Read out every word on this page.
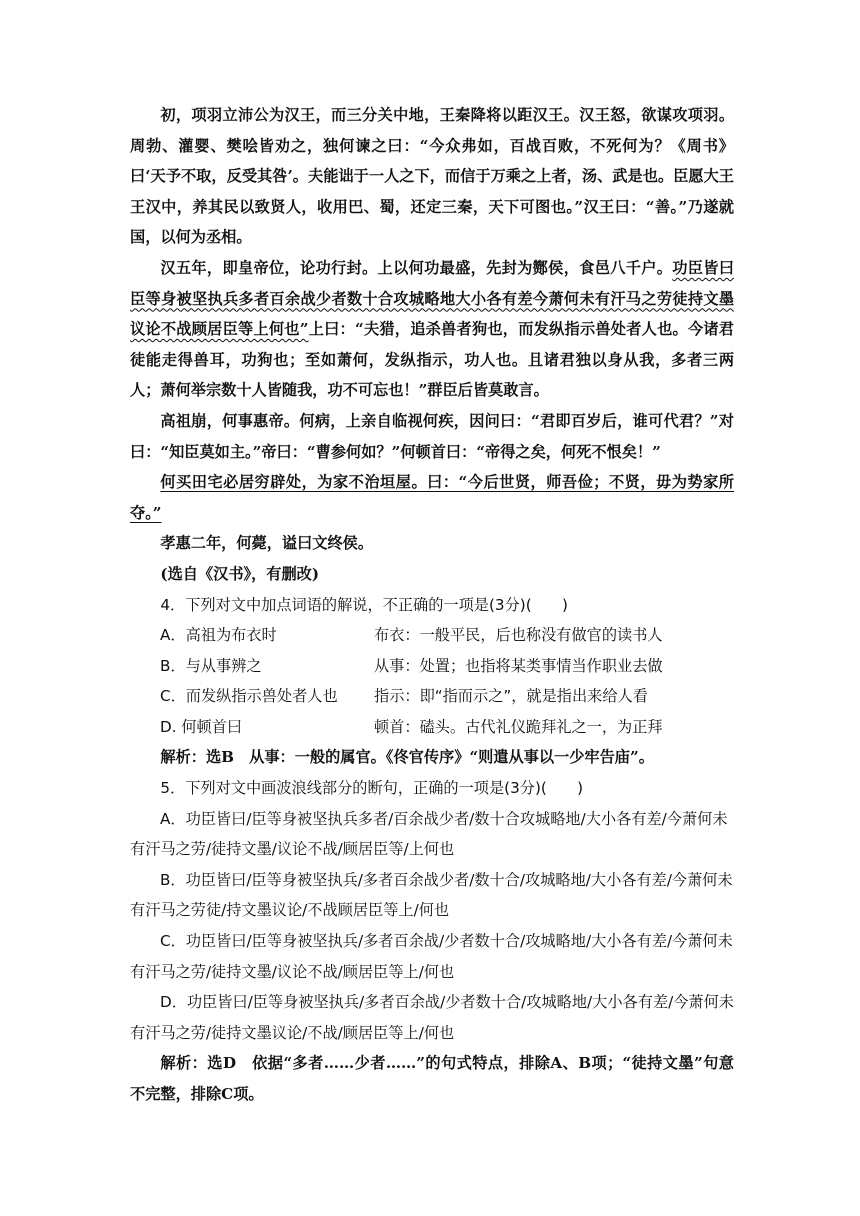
初，项羽立沛公为汉王，而三分关中地，王秦降将以距汉王。汉王怒，欲谋攻项羽。周勃、灌婴、樊哙皆劝之，独何谏之曰：“今众弗如，百战百败，不死何为？《周书》曰‘天予不取，反受其咎’。夫能诎于一人之下，而信于万乘之上者，汤、武是也。臣愿大王王汉中，养其民以致贤人，收用巴、蜀，还定三秦，天下可图也。”汉王曰：“善。”乃遂就国，以何为丞相。

汉五年，即皇帝位，论功行封。上以何功最盛，先封为酂侯，食邑八千户。功臣皆曰臣等身被坚执兵多者百余战少者数十合攻城略地大小各有差今萧何未有汗马之劳徒持文墨议论不战顾居臣等上何也”上曰：“夫猎，追杀兽者狗也，而发纵指示兽处者人也。今诸君徒能走得兽耳，功狗也；至如萧何，发纵指示，功人也。且诸君独以身从我，多者三两人；萧何举宗数十人皆随我，功不可忘也！”群臣后皆莫敢言。

高祖崩，何事惠帝。何病，上亲自临视何疾，因问曰：“君即百岁后，谁可代君？”对曰：“知臣莫如主。”帝曰：“曹参何如？”何顿首曰：“帝得之矣，何死不恨矣！”

何买田宅必居穷辟处，为家不治垣屋。曰：“今后世贤，师吾俭；不贤，毋为势家所夺。”

孝惠二年，何薨，谥曰文终侯。

(选自《汉书》，有删改)

4．下列对文中加点词语的解说，不正确的一项是(3分)(　　)

A．高祖为布衣时	布衣：一般平民，后也称没有做官的读书人
B．与从事辨之	从事：处置；也指将某类事情当作职业去做
C．而发纵指示兽处者人也	指示：即“指而示之”，就是指出来给人看
D. 何顿首曰	顿首：磕头。古代礼仪跪拜礼之一，为正拜

解析：选B　从事：一般的属官。《佟官传序》“则遣从事以一少牢告庙”。

5．下列对文中画波浪线部分的断句，正确的一项是(3分)(　　)

A．功臣皆曰/臣等身被坚执兵多者/百余战少者/数十合攻城略地/大小各有差/今萧何未
有汗马之劳/徒持文墨/议论不战/顾居臣等/上何也

B．功臣皆曰/臣等身被坚执兵/多者百余战少者/数十合/攻城略地/大小各有差/今萧何未
有汗马之劳徒/持文墨议论/不战顾居臣等上/何也

C．功臣皆曰/臣等身被坚执兵/多者百余战/少者数十合/攻城略地/大小各有差/今萧何未
有汗马之劳/徒持文墨/议论不战/顾居臣等上/何也

D．功臣皆曰/臣等身被坚执兵/多者百余战/少者数十合/攻城略地/大小各有差/今萧何未
有汗马之劳/徒持文墨议论/不战/顾居臣等上/何也

解析：选D　依据“多者……少者……”的句式特点，排除A、B项；“徒持文墨”句意不完整，排除C项。
